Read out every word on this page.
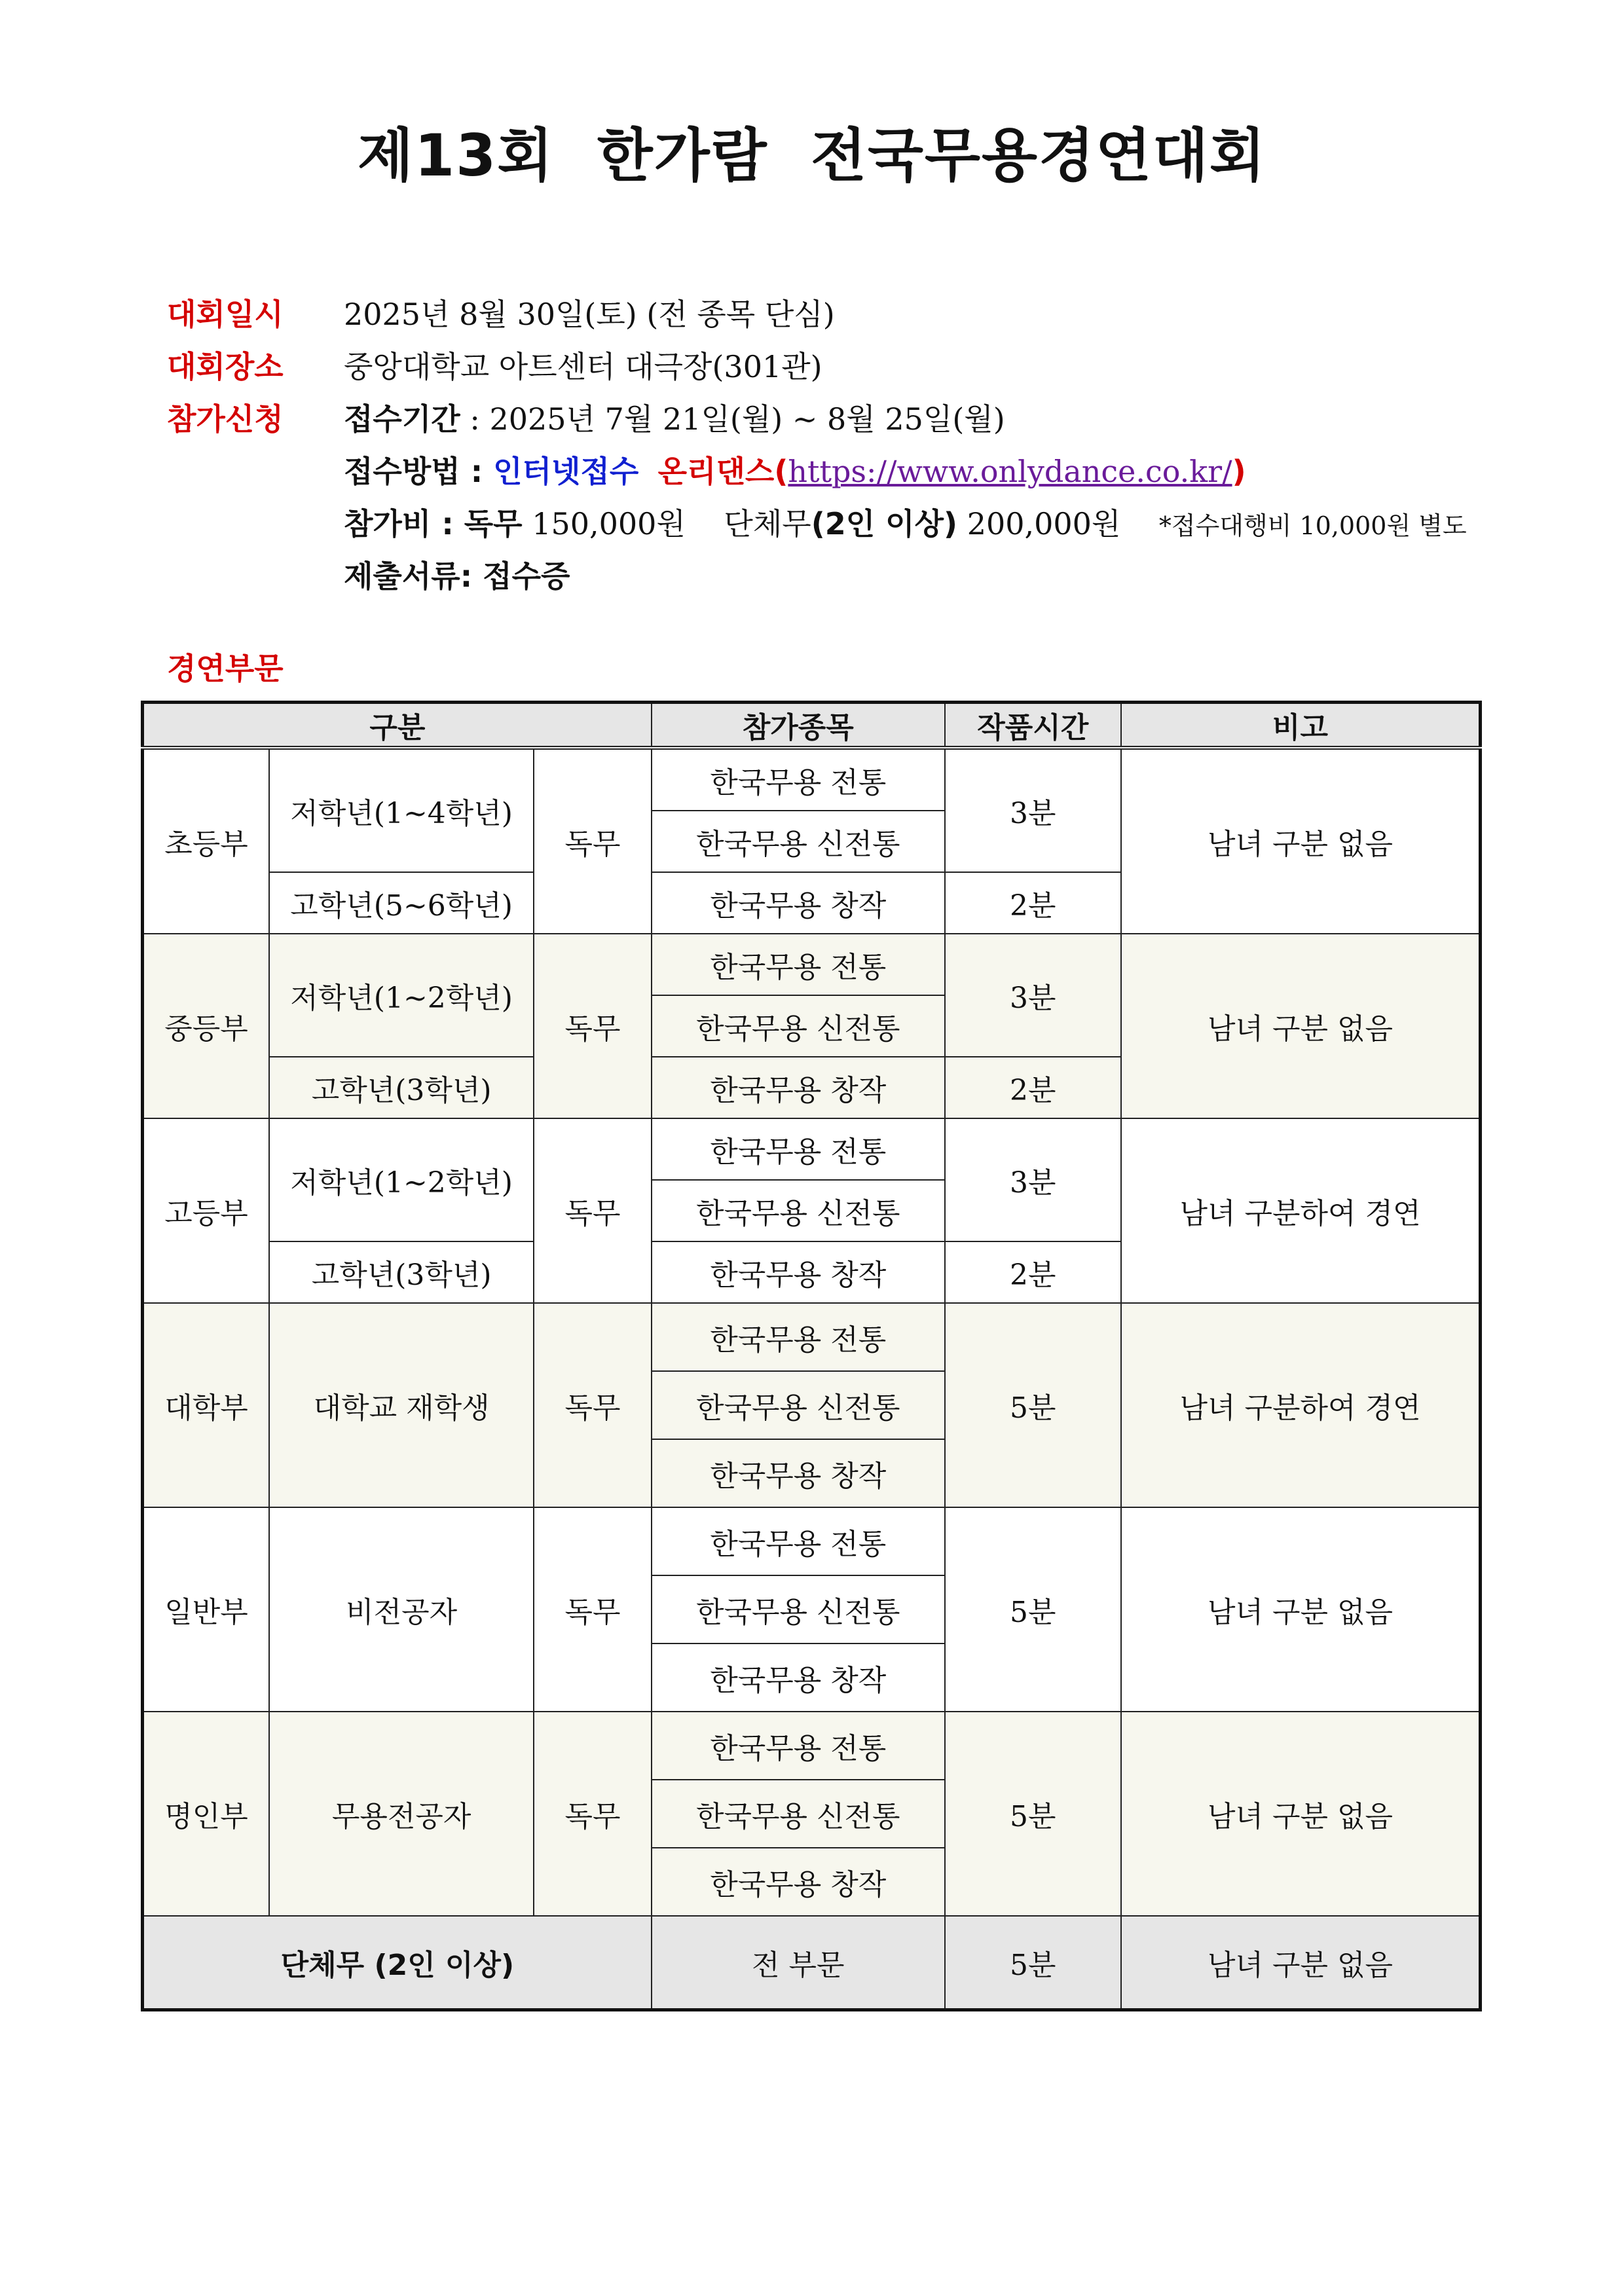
제13회  한가람  전국무용경연대회
대회일시 2025년 8월 30일(토) (전 종목 단심)
대회장소 중앙대학교 아트센터 대극장(301관)
참가신청 접수기간 : 2025년 7월 21일(월) ~ 8월 25일(월)
접수방법 : 인터넷접수 온리댄스(https://www.onlydance.co.kr/)
참가비 : 독무 150,000원 단체무(2인 이상) 200,000원 *접수대행비 10,000원 별도
제출서류: 접수증
경연부문
구분			참가종목	작품시간	비고
초등부	저학년(1~4학년)	독무	한국무용 전통	3분	남녀 구분 없음
			한국무용 신전통		
	고학년(5~6학년)		한국무용 창작	2분	
중등부	저학년(1~2학년)	독무	한국무용 전통	3분	남녀 구분 없음
			한국무용 신전통		
	고학년(3학년)		한국무용 창작	2분	
고등부	저학년(1~2학년)	독무	한국무용 전통	3분	남녀 구분하여 경연
			한국무용 신전통		
	고학년(3학년)		한국무용 창작	2분	
대학부	대학교 재학생	독무	한국무용 전통	5분	남녀 구분하여 경연
			한국무용 신전통		
			한국무용 창작		
일반부	비전공자	독무	한국무용 전통	5분	남녀 구분 없음
			한국무용 신전통		
			한국무용 창작		
명인부	무용전공자	독무	한국무용 전통	5분	남녀 구분 없음
			한국무용 신전통		
			한국무용 창작		
단체무 (2인 이상)			전 부문	5분	남녀 구분 없음
